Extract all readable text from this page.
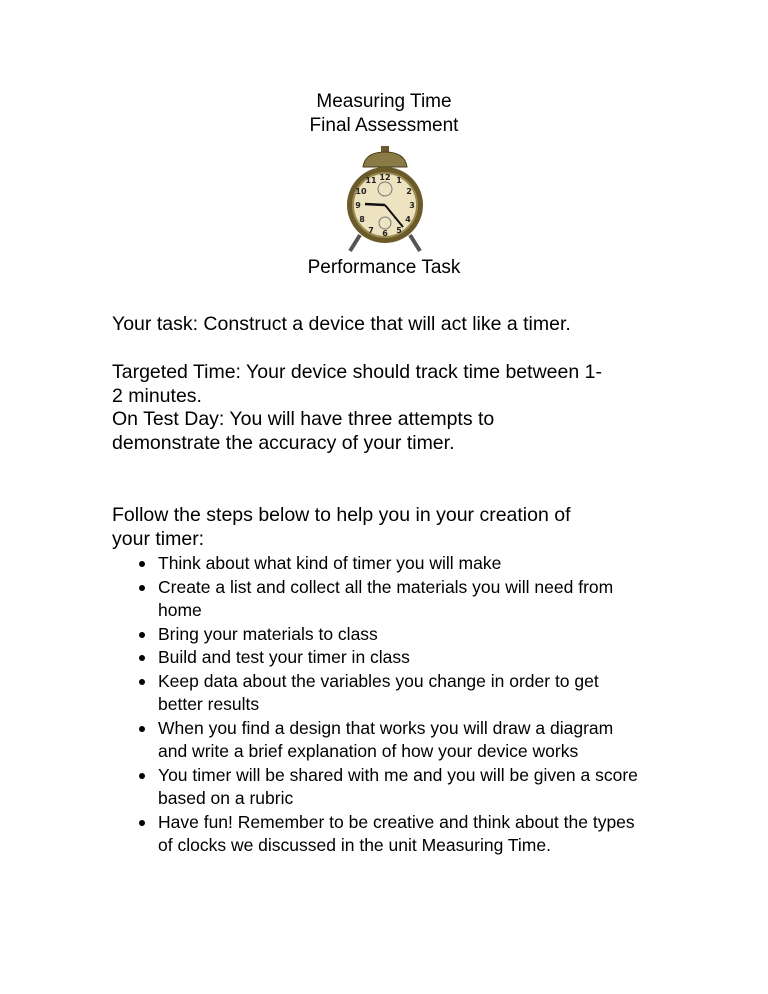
Measuring Time
Final Assessment
12 1
2
3
4
5
6
7
8
9
10
11
Performance Task
Your task: Construct a device that will act like a timer.
Targeted Time: Your device should track time between 1-2 minutes.
On Test Day: You will have three attempts to demonstrate the accuracy of your timer.
Follow the steps below to help you in your creation of your timer:
Think about what kind of timer you will make
Create a list and collect all the materials you will need from home
Bring your materials to class
Build and test your timer in class
Keep data about the variables you change in order to get better results
When you find a design that works you will draw a diagram and write a brief explanation of how your device works
You timer will be shared with me and you will be given a score based on a rubric
Have fun! Remember to be creative and think about the types of clocks we discussed in the unit Measuring Time.
